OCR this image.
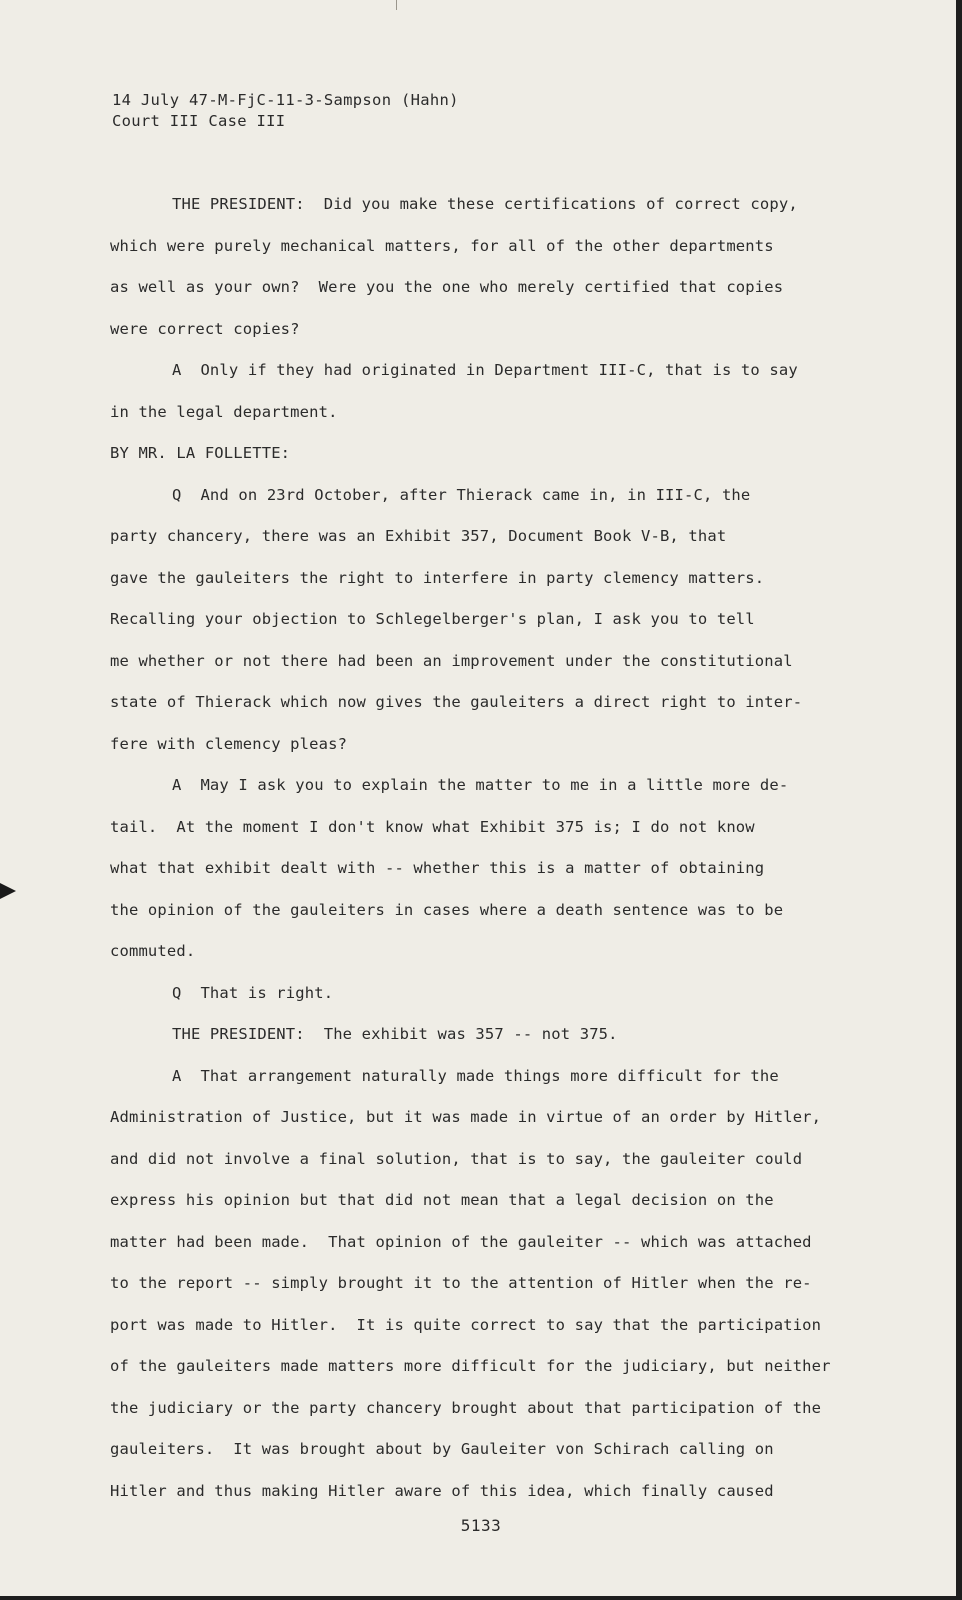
14 July 47-M-FjC-11-3-Sampson (Hahn)
Court III Case III
THE PRESIDENT:  Did you make these certifications of correct copy,
which were purely mechanical matters, for all of the other departments
as well as your own?  Were you the one who merely certified that copies
were correct copies?
A  Only if they had originated in Department III-C, that is to say
in the legal department.
BY MR. LA FOLLETTE:
Q  And on 23rd October, after Thierack came in, in III-C, the
party chancery, there was an Exhibit 357, Document Book V-B, that
gave the gauleiters the right to interfere in party clemency matters.
Recalling your objection to Schlegelberger's plan, I ask you to tell
me whether or not there had been an improvement under the constitutional
state of Thierack which now gives the gauleiters a direct right to inter-
fere with clemency pleas?
A  May I ask you to explain the matter to me in a little more de-
tail.  At the moment I don't know what Exhibit 375 is; I do not know
what that exhibit dealt with -- whether this is a matter of obtaining
the opinion of the gauleiters in cases where a death sentence was to be
commuted.
Q  That is right.
THE PRESIDENT:  The exhibit was 357 -- not 375.
A  That arrangement naturally made things more difficult for the
Administration of Justice, but it was made in virtue of an order by Hitler,
and did not involve a final solution, that is to say, the gauleiter could
express his opinion but that did not mean that a legal decision on the
matter had been made.  That opinion of the gauleiter -- which was attached
to the report -- simply brought it to the attention of Hitler when the re-
port was made to Hitler.  It is quite correct to say that the participation
of the gauleiters made matters more difficult for the judiciary, but neither
the judiciary or the party chancery brought about that participation of the
gauleiters.  It was brought about by Gauleiter von Schirach calling on
Hitler and thus making Hitler aware of this idea, which finally caused
5133
